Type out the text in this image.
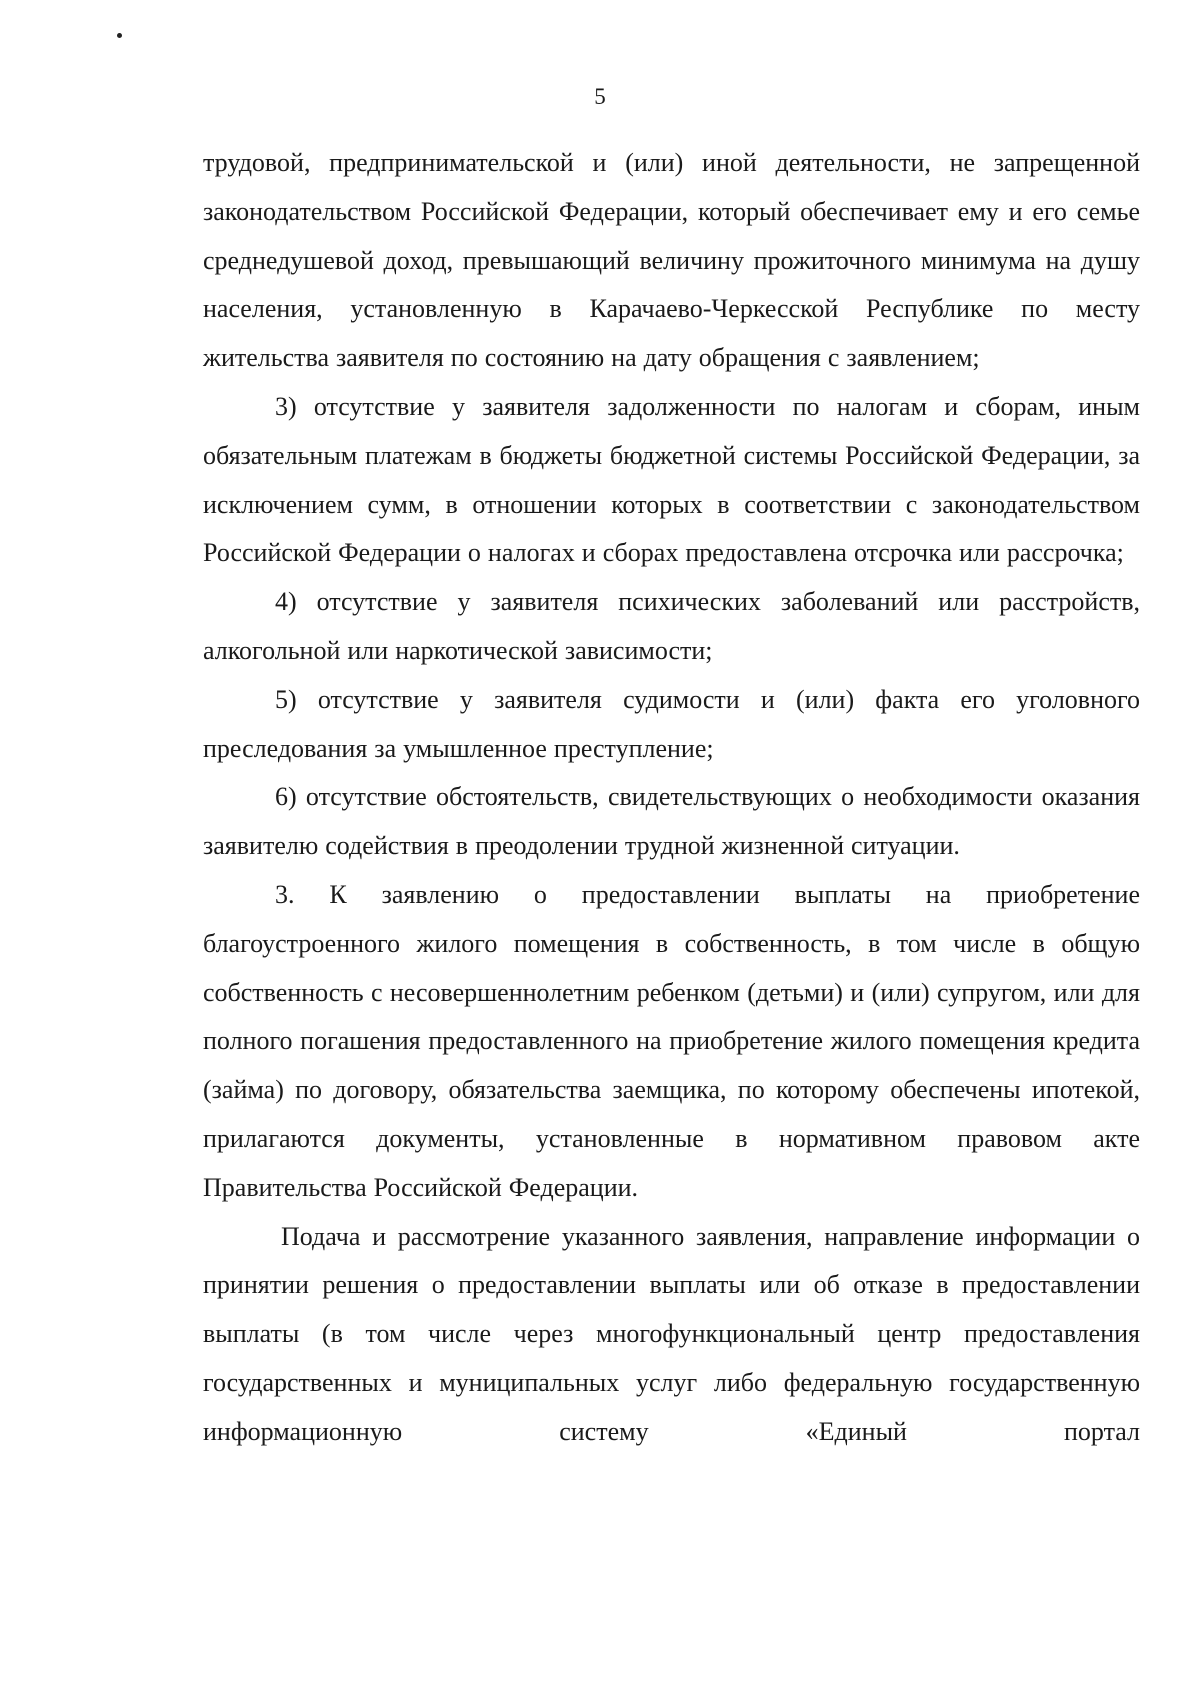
5

трудовой, предпринимательской и (или) иной деятельности, не запрещенной законодательством Российской Федерации, который обеспечивает ему и его семье среднедушевой доход, превышающий величину прожиточного минимума на душу населения, установленную в Карачаево-Черкесской Республике по месту жительства заявителя по состоянию на дату обращения с заявлением;

3) отсутствие у заявителя задолженности по налогам и сборам, иным обязательным платежам в бюджеты бюджетной системы Российской Федерации, за исключением сумм, в отношении которых в соответствии с законодательством Российской Федерации о налогах и сборах предоставлена отсрочка или рассрочка;

4) отсутствие у заявителя психических заболеваний или расстройств, алкогольной или наркотической зависимости;

5) отсутствие у заявителя судимости и (или) факта его уголовного преследования за умышленное преступление;

6) отсутствие обстоятельств, свидетельствующих о необходимости оказания заявителю содействия в преодолении трудной жизненной ситуации.

3. К заявлению о предоставлении выплаты на приобретение благоустроенного жилого помещения в собственность, в том числе в общую собственность с несовершеннолетним ребенком (детьми) и (или) супругом, или для полного погашения предоставленного на приобретение жилого помещения кредита (займа) по договору, обязательства заемщика, по которому обеспечены ипотекой, прилагаются документы, установленные в нормативном правовом акте Правительства Российской Федерации.

Подача и рассмотрение указанного заявления, направление информации о принятии решения о предоставлении выплаты или об отказе в предоставлении выплаты (в том числе через многофункциональный центр предоставления государственных и муниципальных услуг либо федеральную государственную информационную систему «Единый портал
